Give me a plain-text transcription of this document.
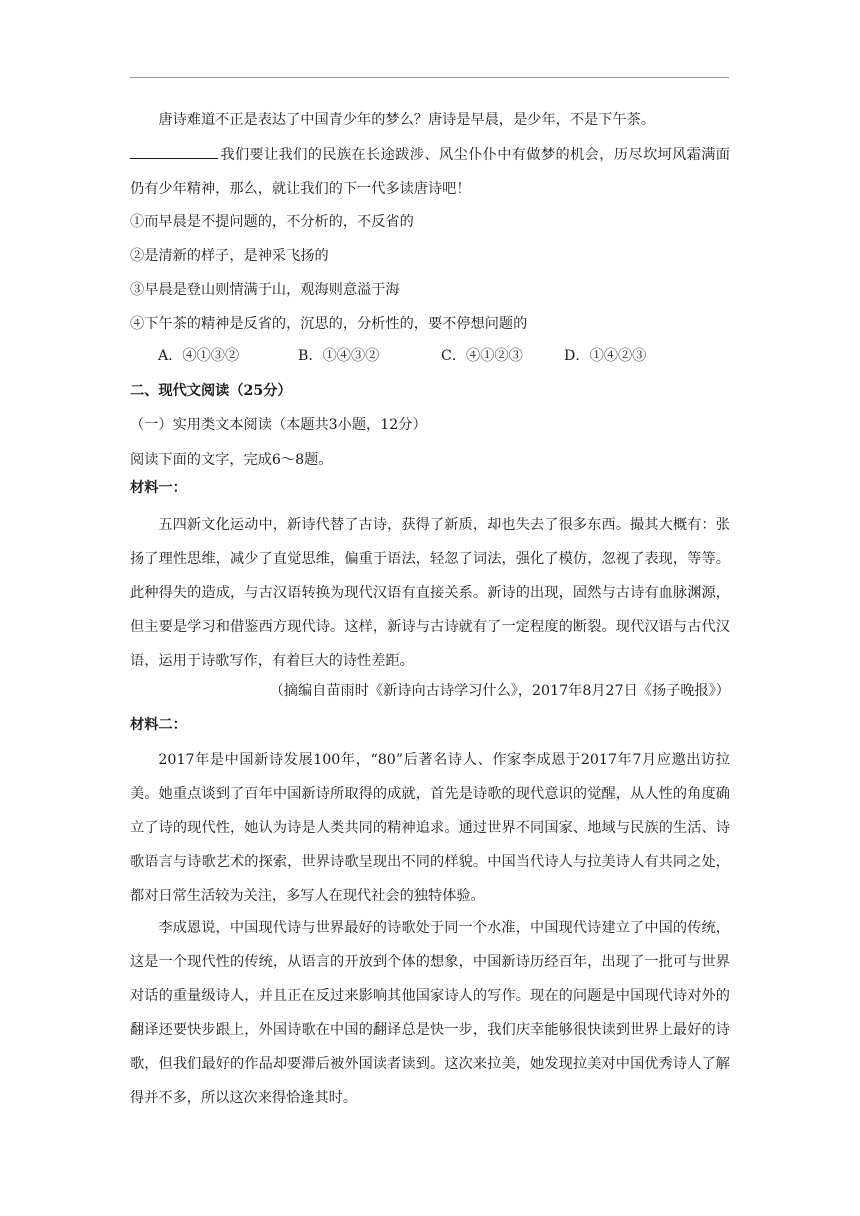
唐诗难道不正是表达了中国青少年的梦么？唐诗是早晨，是少年，不是下午茶。
我们要让我们的民族在长途跋涉、风尘仆仆中有做梦的机会，历尽坎坷风霜满面仍有少年精神，那么，就让我们的下一代多读唐诗吧！
①而早晨是不提问题的，不分析的，不反省的
②是清新的样子，是神采飞扬的
③早晨是登山则情满于山，观海则意溢于海
④下午茶的精神是反省的，沉思的，分析性的，要不停想问题的
A．④①③②	B．①④③②	C．④①②③	D．①④②③
二、现代文阅读（25分）
（一）实用类文本阅读（本题共3小题，12分）
阅读下面的文字，完成6～8题。
材料一：
五四新文化运动中，新诗代替了古诗，获得了新质，却也失去了很多东西。撮其大概有：张扬了理性思维，减少了直觉思维，偏重于语法，轻忽了词法，强化了模仿，忽视了表现，等等。此种得失的造成，与古汉语转换为现代汉语有直接关系。新诗的出现，固然与古诗有血脉渊源，但主要是学习和借鉴西方现代诗。这样，新诗与古诗就有了一定程度的断裂。现代汉语与古代汉语，运用于诗歌写作，有着巨大的诗性差距。
（摘编自苗雨时《新诗向古诗学习什么》，2017年8月27日《扬子晚报》）
材料二：
2017年是中国新诗发展100年，“80”后著名诗人、作家李成恩于2017年7月应邀出访拉美。她重点谈到了百年中国新诗所取得的成就，首先是诗歌的现代意识的觉醒，从人性的角度确立了诗的现代性，她认为诗是人类共同的精神追求。通过世界不同国家、地域与民族的生活、诗歌语言与诗歌艺术的探索，世界诗歌呈现出不同的样貌。中国当代诗人与拉美诗人有共同之处，都对日常生活较为关注，多写人在现代社会的独特体验。
李成恩说，中国现代诗与世界最好的诗歌处于同一个水准，中国现代诗建立了中国的传统，这是一个现代性的传统，从语言的开放到个体的想象，中国新诗历经百年，出现了一批可与世界对话的重量级诗人，并且正在反过来影响其他国家诗人的写作。现在的问题是中国现代诗对外的翻译还要快步跟上，外国诗歌在中国的翻译总是快一步，我们庆幸能够很快读到世界上最好的诗歌，但我们最好的作品却要滞后被外国读者读到。这次来拉美，她发现拉美对中国优秀诗人了解得并不多，所以这次来得恰逢其时。
